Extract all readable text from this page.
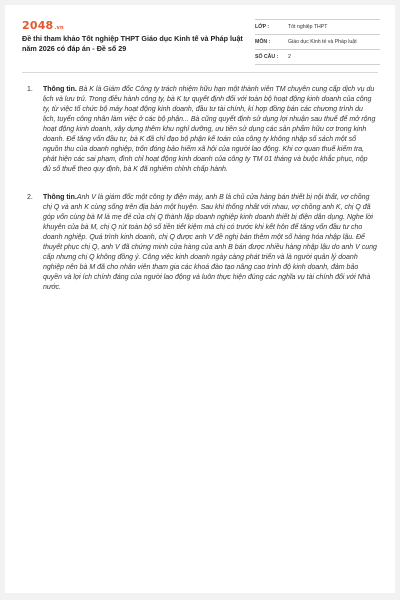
2048.vn
Đề thi tham khảo Tốt nghiệp THPT Giáo dục Kinh tế và Pháp luật năm 2026 có đáp án - Đề số 29
LỚP :	Tốt nghiệp THPT
MÔN :	Giáo dục Kinh tế và Pháp luật
SỐ CÂU :	2
1.	Thông tin. Bà K là Giám đốc Công ty trách nhiệm hữu hạn một thành viên TM chuyên cung cấp dịch vụ du lịch và lưu trú. Trong điều hành công ty, bà K tự quyết định đối với toàn bộ hoạt động kinh doanh của công ty, từ việc tổ chức bộ máy hoạt động kinh doanh, đầu tư tài chính, kí hợp đồng bán các chương trình du lịch, tuyển công nhân làm việc ở các bộ phận... Bà cũng quyết định sử dụng lợi nhuận sau thuế để mở rộng hoạt động kinh doanh, xây dựng thêm khu nghỉ dưỡng, ưu tiên sử dụng các sản phẩm hữu cơ trong kinh doanh. Để tăng vốn đầu tư, bà K đã chỉ đạo bộ phận kế toán của công ty không nhập số sách một số nguồn thu của doanh nghiệp, trốn đóng bảo hiểm xã hội của người lao động. Khi cơ quan thuế kiểm tra, phát hiện các sai phạm, đình chỉ hoạt động kinh doanh của công ty TM 01 tháng và buộc khắc phục, nộp đủ số thuế theo quy định, bà K đã nghiêm chỉnh chấp hành.

2.	Thông tin.Anh V là giám đốc một công ty điện máy, anh B là chủ cửa hàng bán thiết bị nội thất, vợ chồng chị Q và anh K cùng sống trên địa bàn một huyện. Sau khi thống nhất với nhau, vợ chồng anh K, chị Q đã góp vốn cùng bà M là mẹ đẻ của chị Q thành lập doanh nghiệp kinh doanh thiết bị điện dân dụng. Nghe lời khuyên của bà M, chị Q rút toàn bộ số tiền tiết kiệm mà chị có trước khi kết hôn để tăng vốn đầu tư cho doanh nghiệp. Quá trình kinh doanh, chị Q được anh V đề nghị bán thêm một số hàng hóa nhập lậu. Để thuyết phục chị Q, anh V đã chứng minh cửa hàng của anh B bán được nhiều hàng nhập lậu do anh V cung cấp nhưng chị Q không đồng ý. Công việc kinh doanh ngày càng phát triển và là người quản lý doanh nghiệp nên bà M đã cho nhân viên tham gia các khoá đào tạo nâng cao trình độ kinh doanh, đảm bảo quyền và lợi ích chính đáng của người lao động và luôn thực hiện đúng các nghĩa vụ tài chính đối với Nhà nước.
